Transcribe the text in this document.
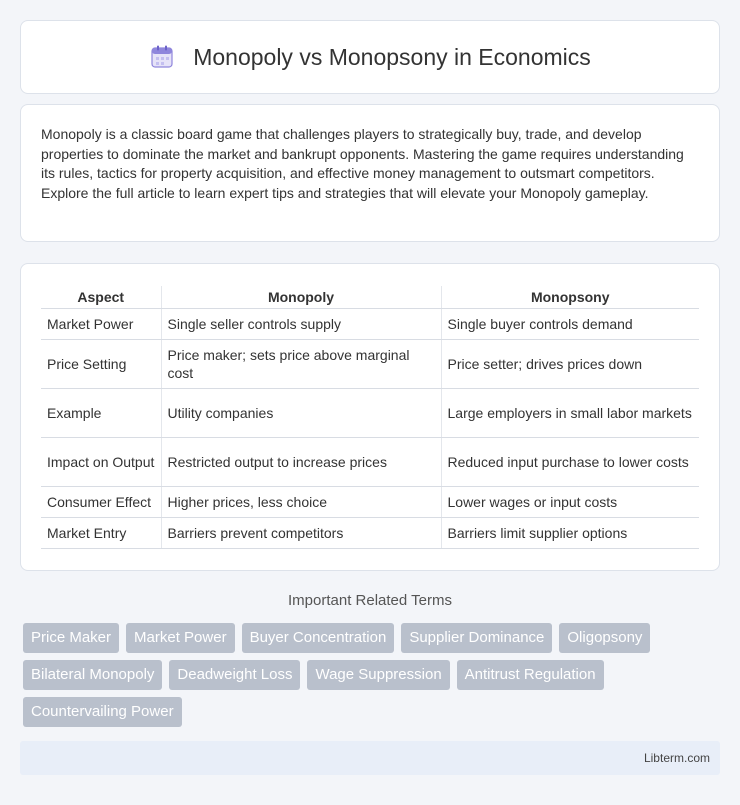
Monopoly vs Monopsony in Economics

Monopoly is a classic board game that challenges players to strategically buy, trade, and develop properties to dominate the market and bankrupt opponents. Mastering the game requires understanding its rules, tactics for property acquisition, and effective money management to outsmart competitors. Explore the full article to learn expert tips and strategies that will elevate your Monopoly gameplay.

Aspect	Monopoly	Monopsony
Market Power	Single seller controls supply	Single buyer controls demand
Price Setting	Price maker; sets price above marginal cost	Price setter; drives prices down
Example	Utility companies	Large employers in small labor markets
Impact on Output	Restricted output to increase prices	Reduced input purchase to lower costs
Consumer Effect	Higher prices, less choice	Lower wages or input costs
Market Entry	Barriers prevent competitors	Barriers limit supplier options
Important Related Terms
Price Maker	Market Power	Buyer Concentration	Supplier Dominance	Oligopsony
Bilateral Monopoly	Deadweight Loss	Wage Suppression	Antitrust Regulation
Countervailing Power
Libterm.com
